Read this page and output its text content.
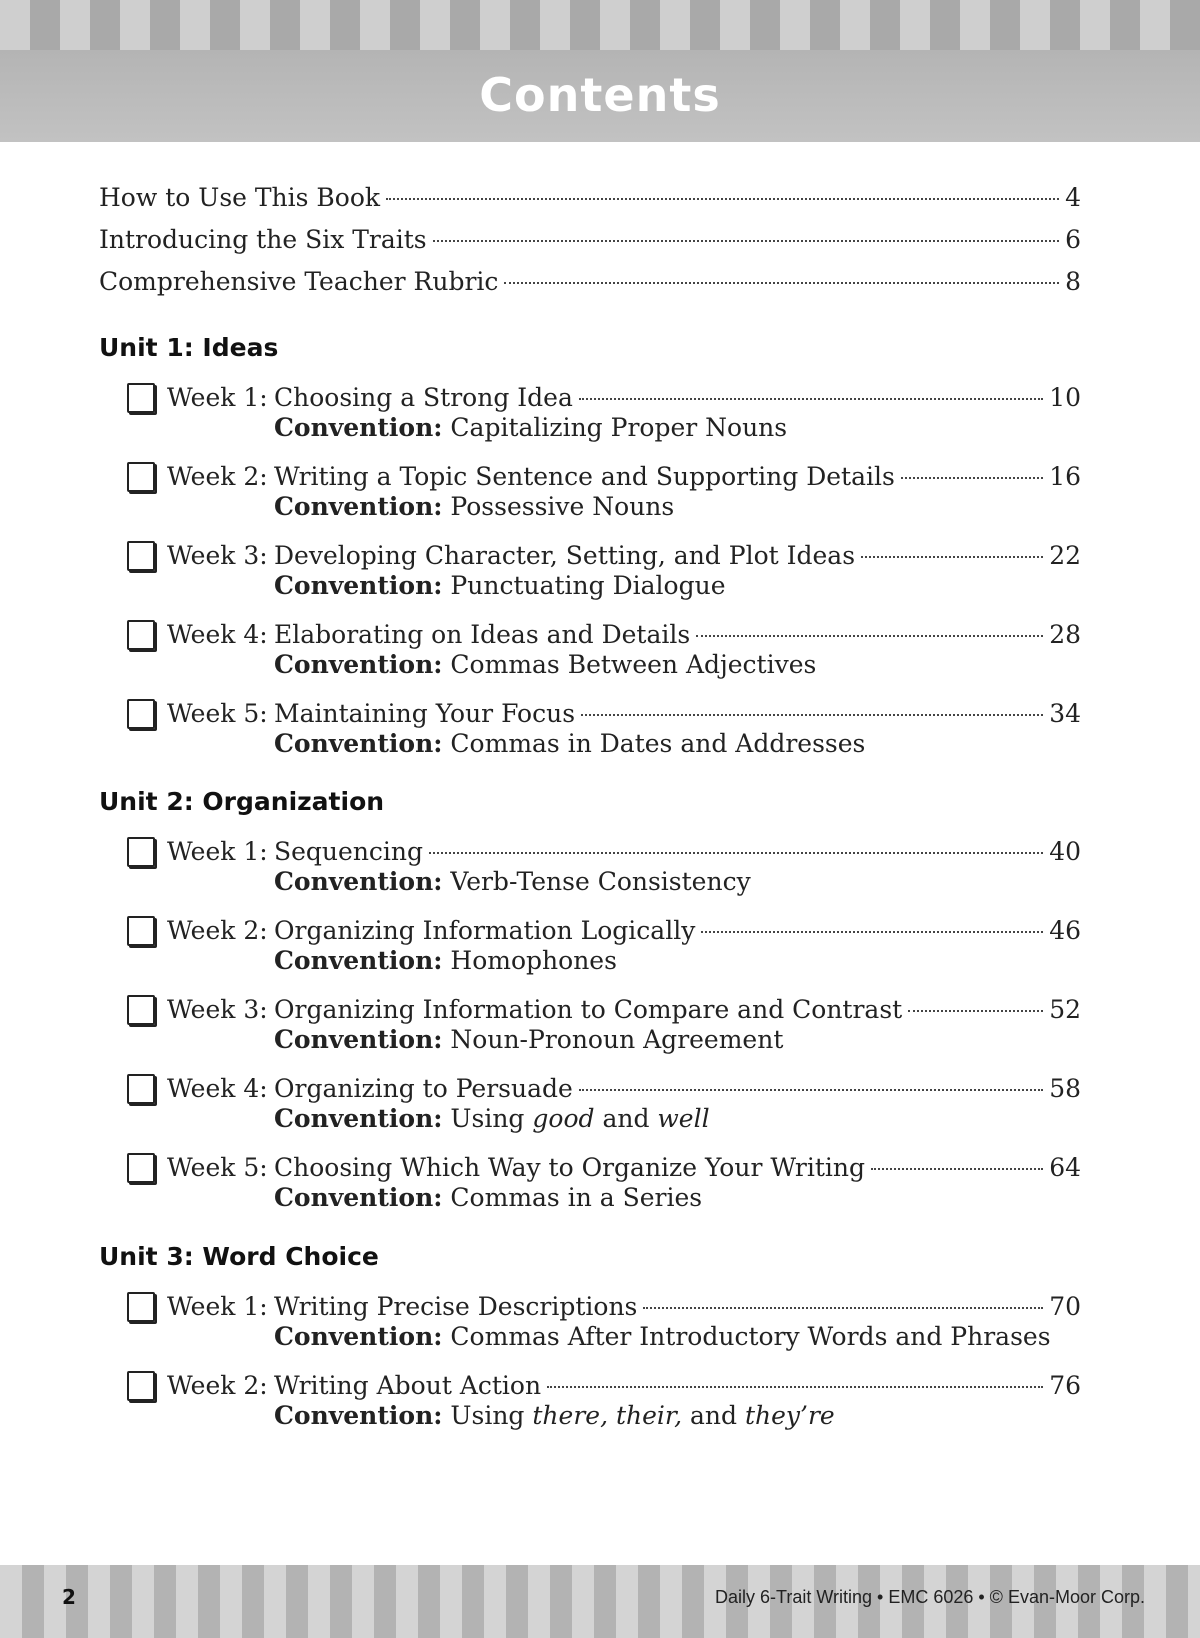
Contents
How to Use This Book	4
Introducing the Six Traits	6
Comprehensive Teacher Rubric	8
Unit 1: Ideas
Week 1: Choosing a Strong Idea	10
Convention: Capitalizing Proper Nouns
Week 2: Writing a Topic Sentence and Supporting Details	16
Convention: Possessive Nouns
Week 3: Developing Character, Setting, and Plot Ideas	22
Convention: Punctuating Dialogue
Week 4: Elaborating on Ideas and Details	28
Convention: Commas Between Adjectives
Week 5: Maintaining Your Focus	34
Convention: Commas in Dates and Addresses
Unit 2: Organization
Week 1: Sequencing	40
Convention: Verb-Tense Consistency
Week 2: Organizing Information Logically	46
Convention: Homophones
Week 3: Organizing Information to Compare and Contrast	52
Convention: Noun-Pronoun Agreement
Week 4: Organizing to Persuade	58
Convention: Using good and well
Week 5: Choosing Which Way to Organize Your Writing	64
Convention: Commas in a Series
Unit 3: Word Choice
Week 1: Writing Precise Descriptions	70
Convention: Commas After Introductory Words and Phrases
Week 2: Writing About Action	76
Convention: Using there, their, and they’re
2	Daily 6-Trait Writing • EMC 6026 • © Evan-Moor Corp.
